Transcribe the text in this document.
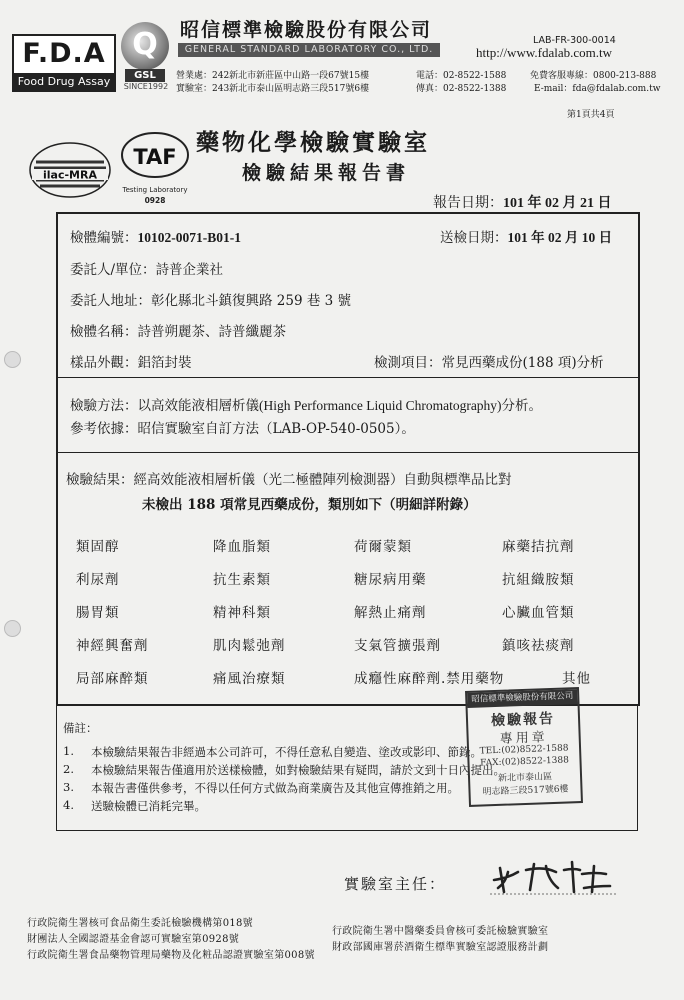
F.D.A
Food Drug Assay
Q
GSL
SINCE1992
昭信標準檢驗股份有限公司
GENERAL STANDARD LABORATORY CO., LTD.
LAB-FR-300-0014
http://www.fdalab.com.tw
營業處：242新北市新莊區中山路一段67號15樓
實驗室：243新北市泰山區明志路三段517號6樓
電話：02-8522-1588
傳真：02-8522-1388
免費客服專線：0800-213-888
E-mail：fda@fdalab.com.tw
第1頁共4頁
ilac-MRA
TAF
Testing Laboratory
0928
藥物化學檢驗實驗室
檢驗結果報告書
報告日期：101 年 02 月 21 日
檢體編號：10102-0071-B01-1	送檢日期：101 年 02 月 10 日
委託人/單位：詩普企業社
委託人地址：彰化縣北斗鎮復興路 259 巷 3 號
檢體名稱：詩普朔麗茶、詩普纖麗茶
樣品外觀：鋁箔封裝	檢測項目：常見西藥成份(188 項)分析
檢驗方法：以高效能液相層析儀(High Performance Liquid Chromatography)分析。
參考依據：昭信實驗室自訂方法（LAB-OP-540-0505）。
檢驗結果：經高效能液相層析儀（光二極體陣列檢測器）自動與標準品比對
未檢出 188 項常見西藥成份，類別如下（明細詳附錄）
類固醇	降血脂類	荷爾蒙類	麻藥拮抗劑
利尿劑	抗生素類	糖尿病用藥	抗組織胺類
腸胃類	精神科類	解熱止痛劑	心臟血管類
神經興奮劑	肌肉鬆弛劑	支氣管擴張劑	鎮咳祛痰劑
局部麻醉類	痛風治療類	成癮性麻醉劑.禁用藥物	其他
備註：
1. 本檢驗結果報告非經過本公司許可，不得任意私自變造、塗改或影印、節錄。
2. 本檢驗結果報告僅適用於送樣檢體，如對檢驗結果有疑問，請於文到十日內提出。
3. 本報告書僅供參考，不得以任何方式做為商業廣告及其他宣傳推銷之用。
4. 送驗檢體已消耗完畢。
昭信標準檢驗股份有限公司
檢驗報告
專用章
TEL:(02)8522-1588
FAX:(02)8522-1388
新北市泰山區
明志路三段517號6樓
實驗室主任：
行政院衛生署核可食品衛生委託檢驗機構第018號
財團法人全國認證基金會認可實驗室第0928號
行政院衛生署食品藥物管理局藥物及化粧品認證實驗室第008號
行政院衛生署中醫藥委員會核可委託檢驗實驗室
財政部國庫署菸酒衛生標準實驗室認證服務計劃
